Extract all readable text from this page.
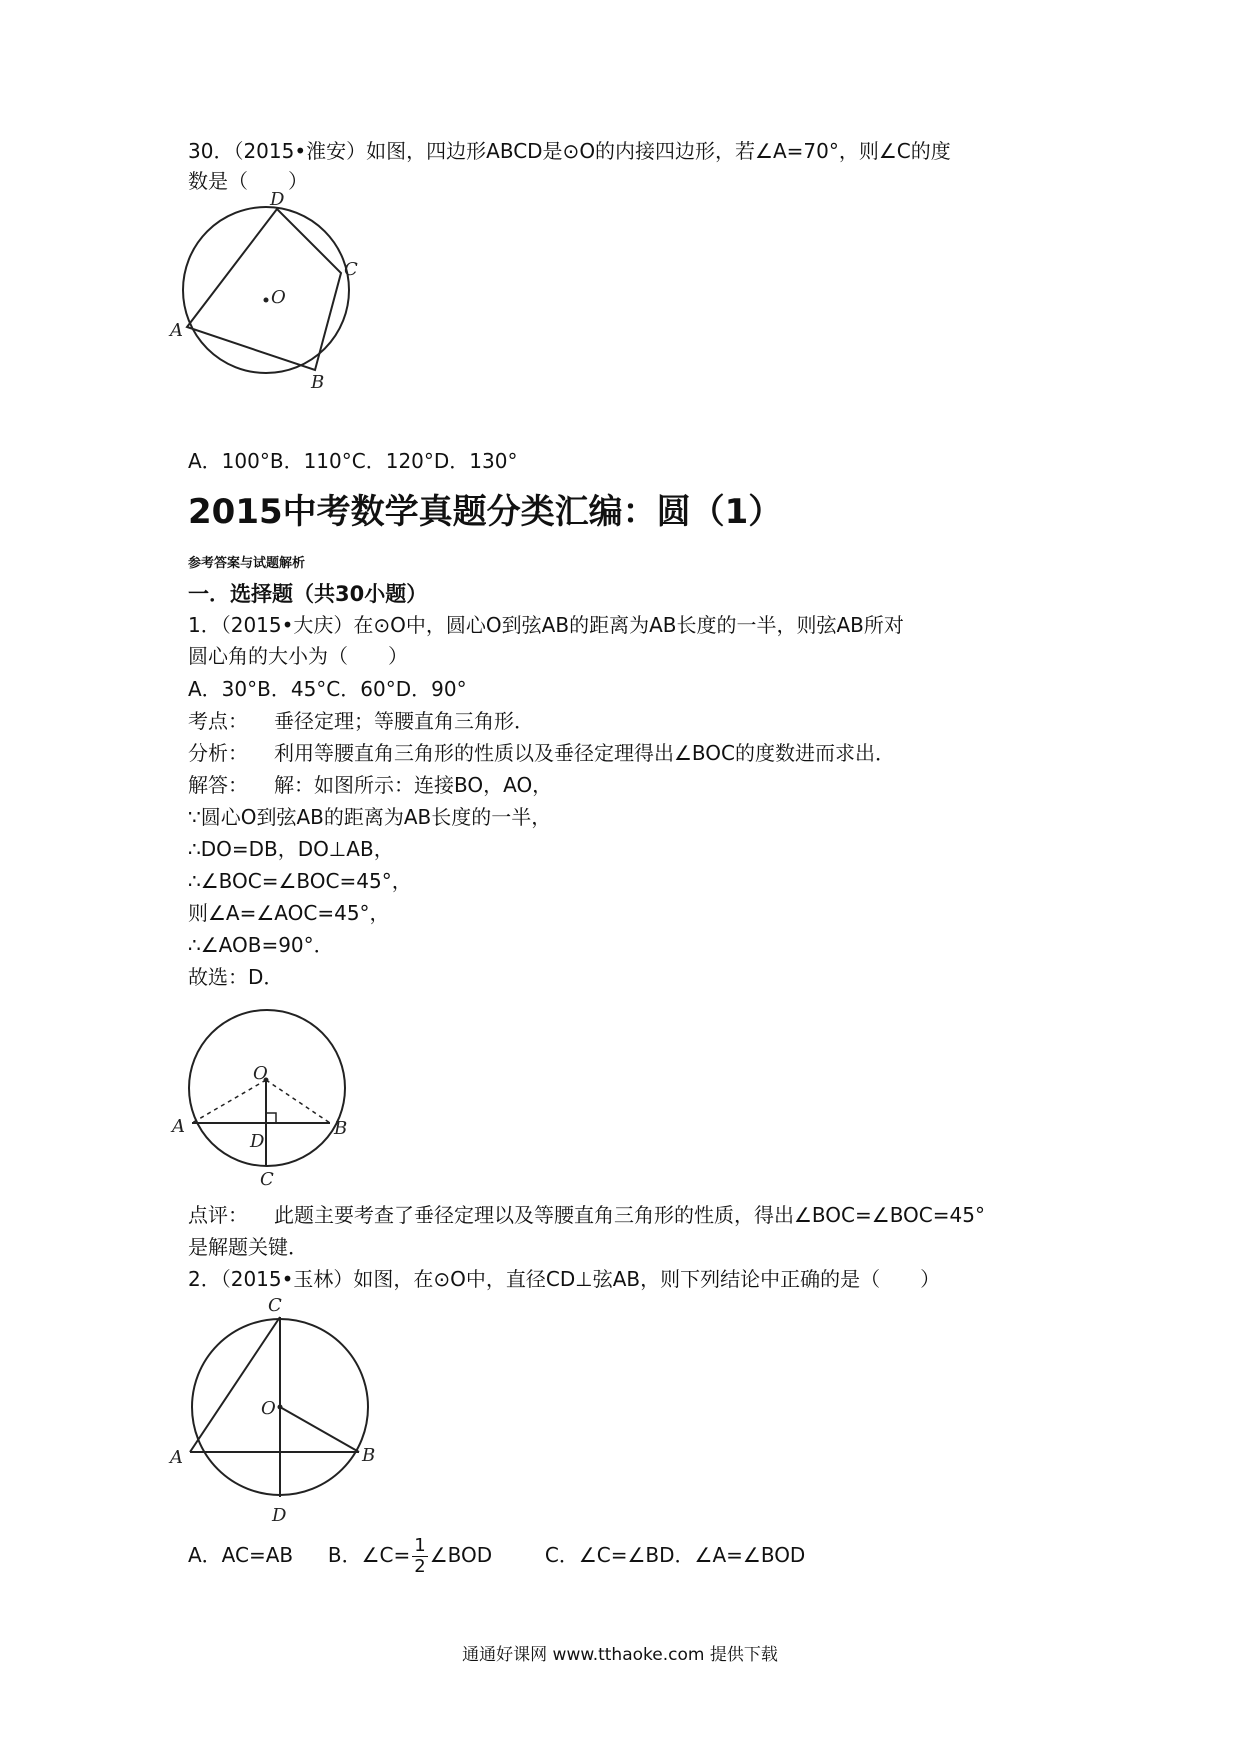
30．（2015•淮安）如图，四边形ABCD是⊙O的内接四边形，若∠A=70°，则∠C的度
数是（　　）
D
C
O
A
B
A．100°B．110°C．120°D．130°
2015中考数学真题分类汇编：圆（1）
参考答案与试题解析
一．选择题（共30小题）
1．（2015•大庆）在⊙O中，圆心O到弦AB的距离为AB长度的一半，则弦AB所对
圆心角的大小为（　　）
A．30°B．45°C．60°D．90°
考点： 垂径定理；等腰直角三角形．
分析： 利用等腰直角三角形的性质以及垂径定理得出∠BOC的度数进而求出．
解答： 解：如图所示：连接BO，AO，
∵圆心O到弦AB的距离为AB长度的一半，
∴DO=DB，DO⊥AB，
∴∠BOC=∠BOC=45°，
则∠A=∠AOC=45°，
∴∠AOB=90°．
故选：D．
O
A
D
B
C
点评： 此题主要考查了垂径定理以及等腰直角三角形的性质，得出∠BOC=∠BOC=45°
是解题关键．
2．（2015•玉林）如图，在⊙O中，直径CD⊥弦AB，则下列结论中正确的是（　　）
C
O
A	B
D
A．AC=AB B．∠C= $\frac{1}{2}$ ∠BOD	C．∠C=∠BD．∠A=∠BOD
通通好课网 www.tthaoke.com 提供下载
